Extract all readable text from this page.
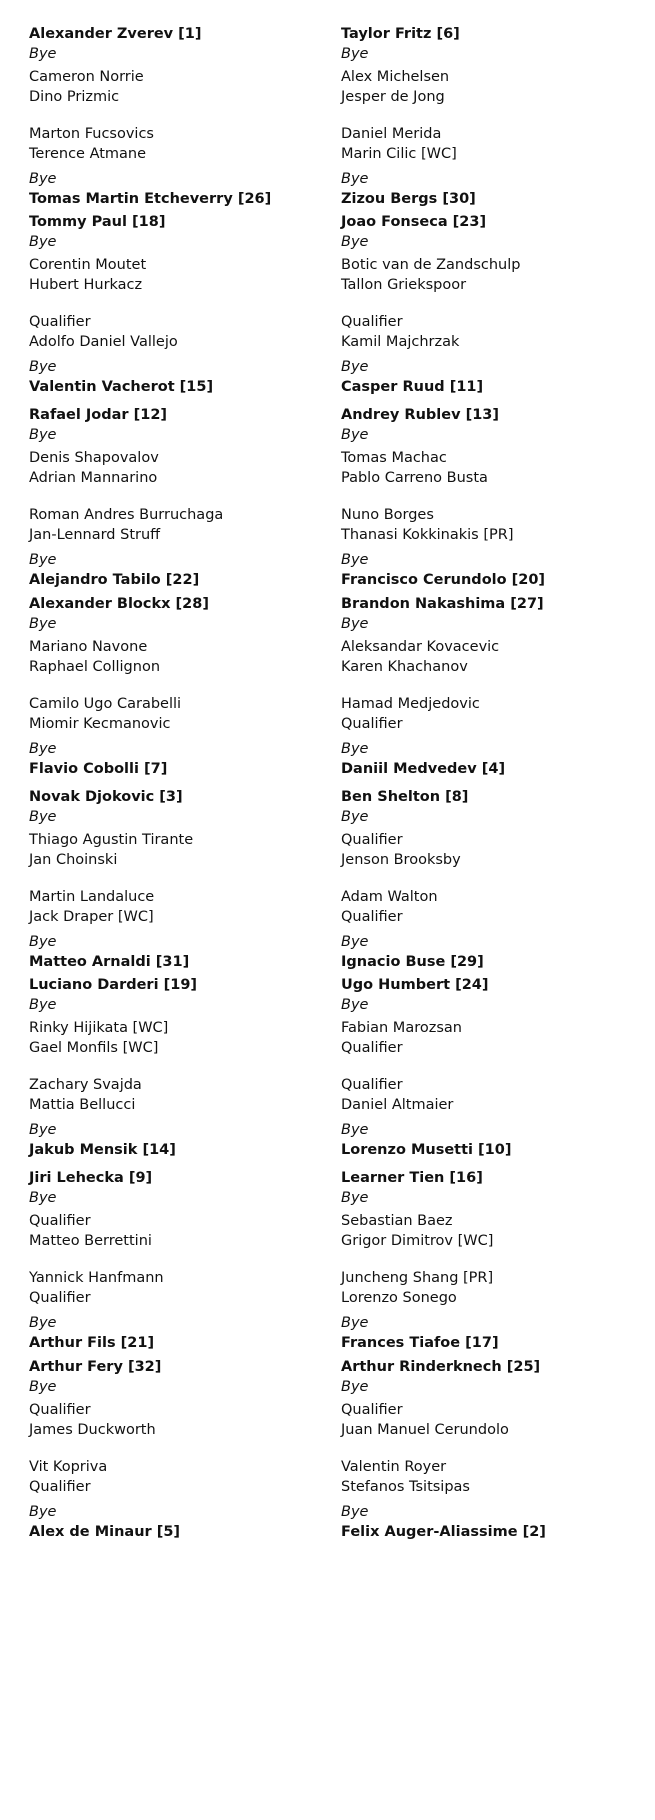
Alexander Zverev [1]
Bye
Cameron Norrie
Dino Prizmic
Marton Fucsovics
Terence Atmane
Bye
Tomas Martin Etcheverry [26]
Tommy Paul [18]
Bye
Corentin Moutet
Hubert Hurkacz
Qualifier
Adolfo Daniel Vallejo
Bye
Valentin Vacherot [15]
Rafael Jodar [12]
Bye
Denis Shapovalov
Adrian Mannarino
Roman Andres Burruchaga
Jan-Lennard Struff
Bye
Alejandro Tabilo [22]
Alexander Blockx [28]
Bye
Mariano Navone
Raphael Collignon
Camilo Ugo Carabelli
Miomir Kecmanovic
Bye
Flavio Cobolli [7]
Novak Djokovic [3]
Bye
Thiago Agustin Tirante
Jan Choinski
Martin Landaluce
Jack Draper [WC]
Bye
Matteo Arnaldi [31]
Luciano Darderi [19]
Bye
Rinky Hijikata [WC]
Gael Monfils [WC]
Zachary Svajda
Mattia Bellucci
Bye
Jakub Mensik [14]
Jiri Lehecka [9]
Bye
Qualifier
Matteo Berrettini
Yannick Hanfmann
Qualifier
Bye
Arthur Fils [21]
Arthur Fery [32]
Bye
Qualifier
James Duckworth
Vit Kopriva
Qualifier
Bye
Alex de Minaur [5]
Taylor Fritz [6]
Bye
Alex Michelsen
Jesper de Jong
Daniel Merida
Marin Cilic [WC]
Bye
Zizou Bergs [30]
Joao Fonseca [23]
Bye
Botic van de Zandschulp
Tallon Griekspoor
Qualifier
Kamil Majchrzak
Bye
Casper Ruud [11]
Andrey Rublev [13]
Bye
Tomas Machac
Pablo Carreno Busta
Nuno Borges
Thanasi Kokkinakis [PR]
Bye
Francisco Cerundolo [20]
Brandon Nakashima [27]
Bye
Aleksandar Kovacevic
Karen Khachanov
Hamad Medjedovic
Qualifier
Bye
Daniil Medvedev [4]
Ben Shelton [8]
Bye
Qualifier
Jenson Brooksby
Adam Walton
Qualifier
Bye
Ignacio Buse [29]
Ugo Humbert [24]
Bye
Fabian Marozsan
Qualifier
Qualifier
Daniel Altmaier
Bye
Lorenzo Musetti [10]
Learner Tien [16]
Bye
Sebastian Baez
Grigor Dimitrov [WC]
Juncheng Shang [PR]
Lorenzo Sonego
Bye
Frances Tiafoe [17]
Arthur Rinderknech [25]
Bye
Qualifier
Juan Manuel Cerundolo
Valentin Royer
Stefanos Tsitsipas
Bye
Felix Auger-Aliassime [2]
